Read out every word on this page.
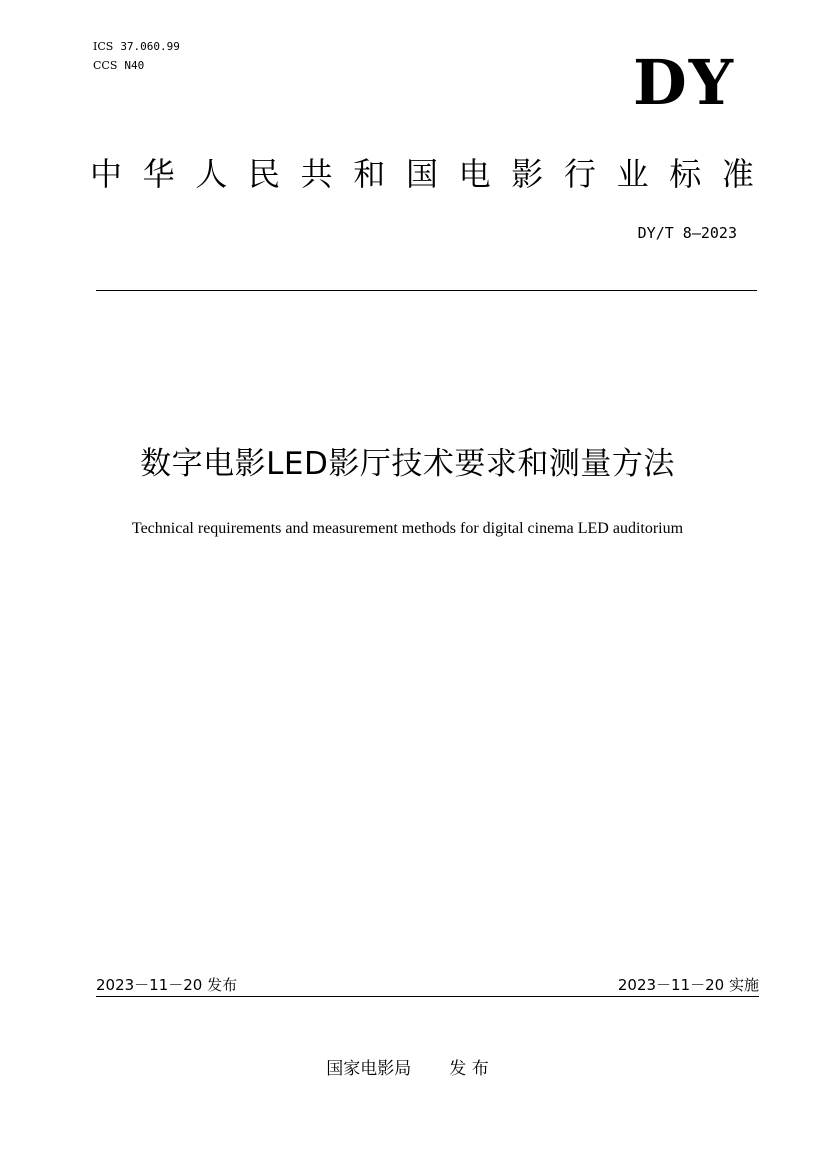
ICS 37.060.99
CCS N40	DY
中 华 人 民 共 和 国 电 影 行 业 标 准
DY/T 8—2023
数字电影LED影厅技术要求和测量方法
Technical requirements and measurement methods for digital cinema LED auditorium
2023－11－20 发布	2023－11－20 实施
国家电影局 发 布
